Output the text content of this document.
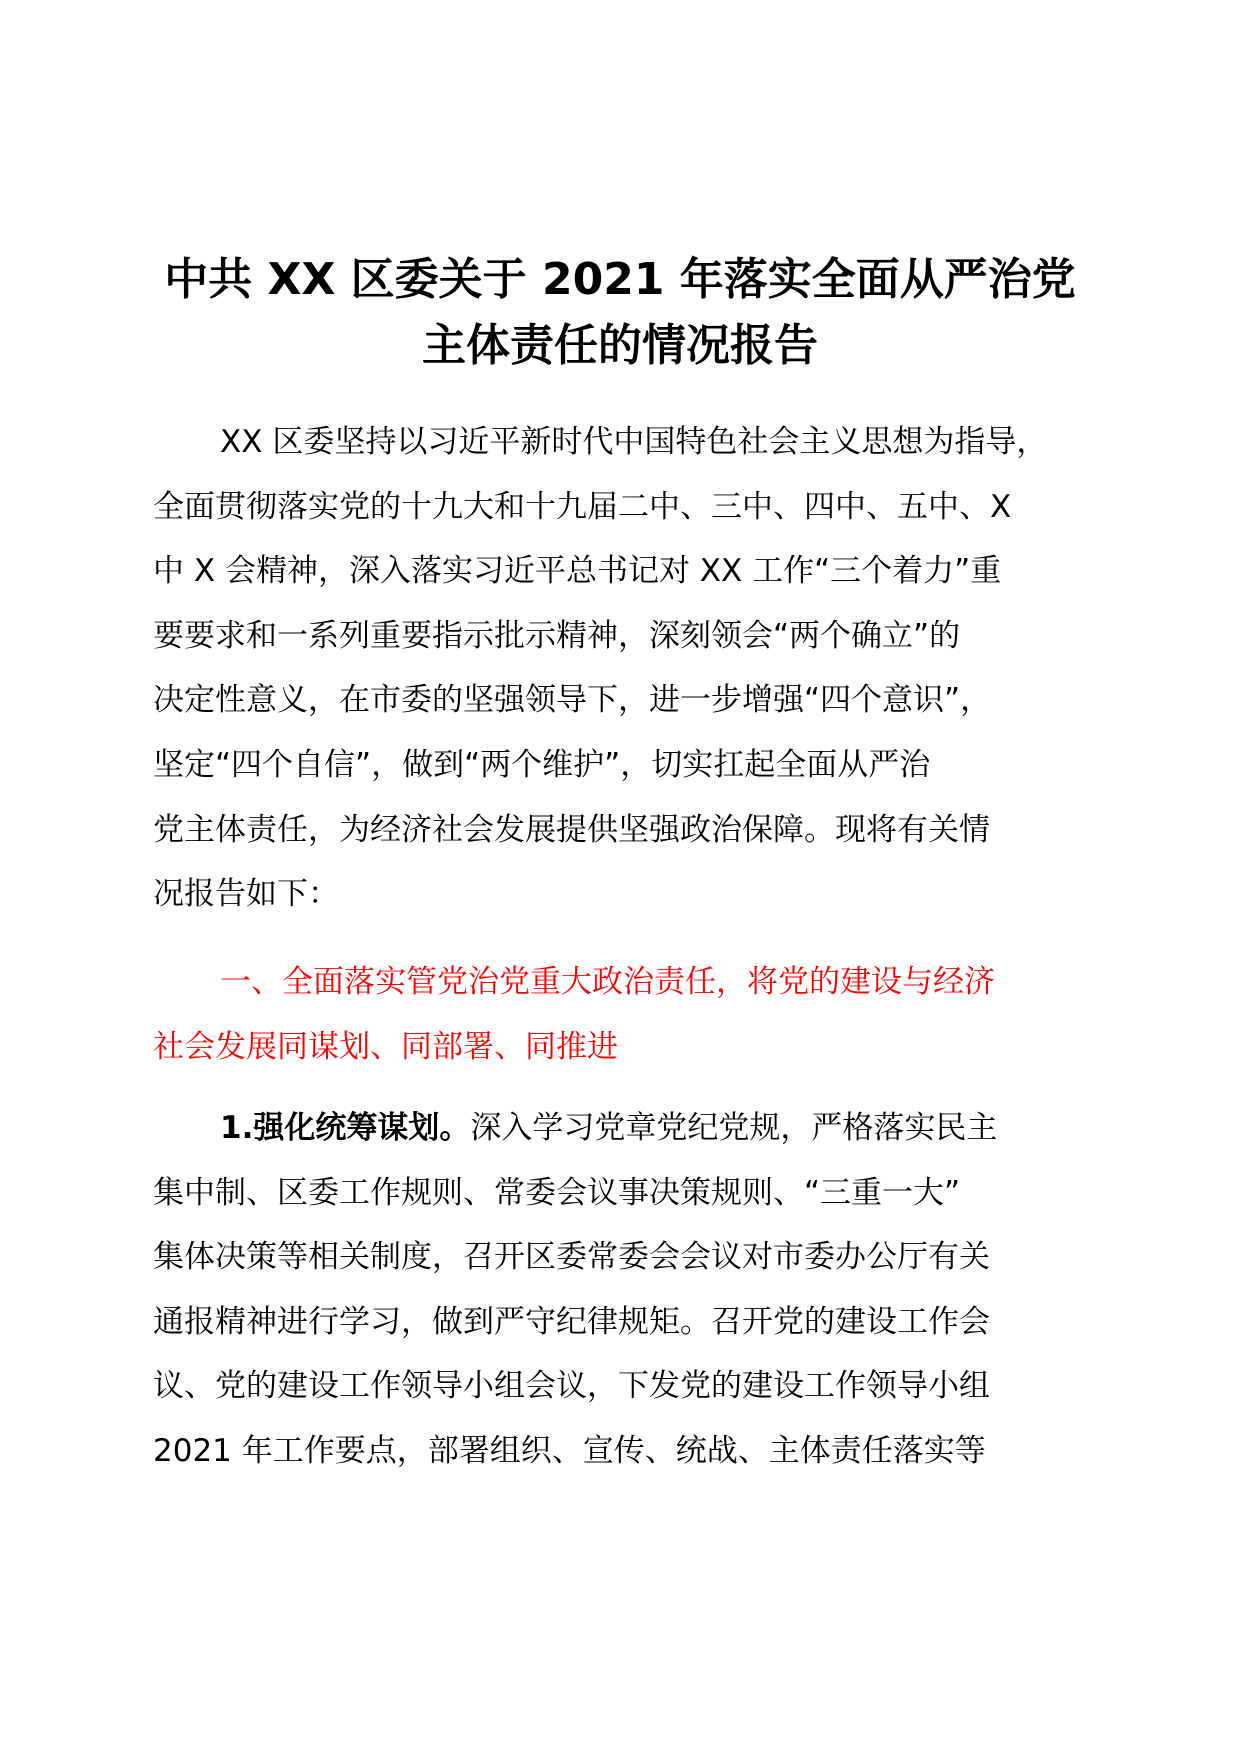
中共 XX 区委关于 2021 年落实全面从严治党
主体责任的情况报告
XX 区委坚持以习近平新时代中国特色社会主义思想为指导，
全面贯彻落实党的十九大和十九届二中、三中、四中、五中、X
中 X 会精神，深入落实习近平总书记对 XX 工作“三个着力”重
要要求和一系列重要指示批示精神，深刻领会“两个确立”的
决定性意义，在市委的坚强领导下，进一步增强“四个意识”，
坚定“四个自信”，做到“两个维护”，切实扛起全面从严治
党主体责任，为经济社会发展提供坚强政治保障。现将有关情
况报告如下：
一、全面落实管党治党重大政治责任，将党的建设与经济
社会发展同谋划、同部署、同推进
1.强化统筹谋划。深入学习党章党纪党规，严格落实民主
集中制、区委工作规则、常委会议事决策规则、“三重一大”
集体决策等相关制度，召开区委常委会会议对市委办公厅有关
通报精神进行学习，做到严守纪律规矩。召开党的建设工作会
议、党的建设工作领导小组会议，下发党的建设工作领导小组
2021 年工作要点，部署组织、宣传、统战、主体责任落实等
